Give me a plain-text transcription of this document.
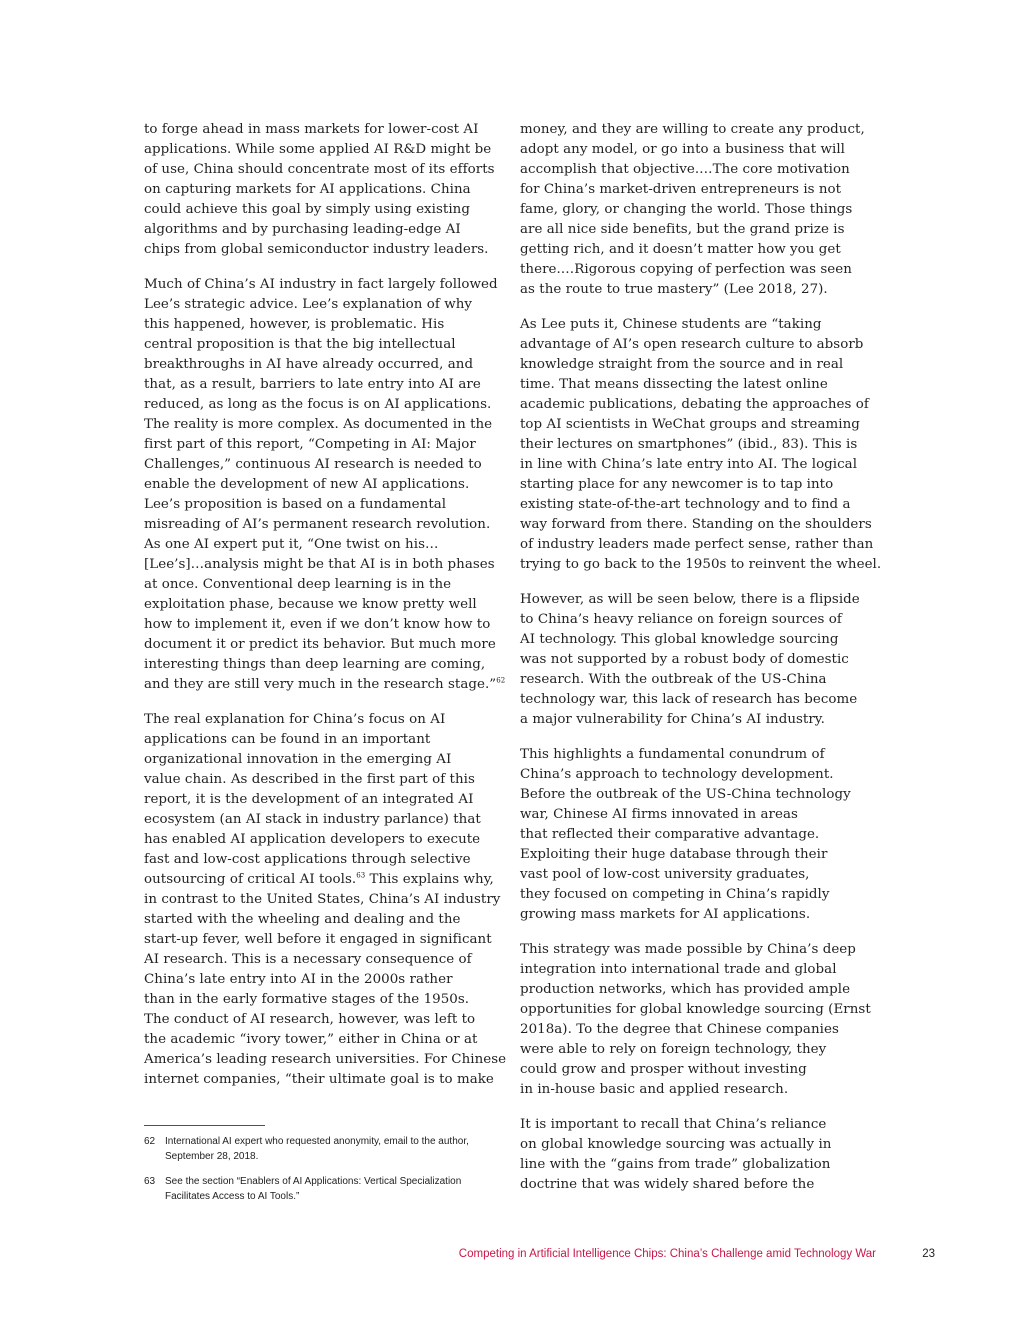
to forge ahead in mass markets for lower-cost AI
applications. While some applied AI R&D might be
of use, China should concentrate most of its efforts
on capturing markets for AI applications. China
could achieve this goal by simply using existing
algorithms and by purchasing leading-edge AI
chips from global semiconductor industry leaders.

Much of China’s AI industry in fact largely followed
Lee’s strategic advice. Lee’s explanation of why
this happened, however, is problematic. His
central proposition is that the big intellectual
breakthroughs in AI have already occurred, and
that, as a result, barriers to late entry into AI are
reduced, as long as the focus is on AI applications.
The reality is more complex. As documented in the
first part of this report, “Competing in AI: Major
Challenges,” continuous AI research is needed to
enable the development of new AI applications.
Lee’s proposition is based on a fundamental
misreading of AI’s permanent research revolution.
As one AI expert put it, “One twist on his…
[Lee’s]…analysis might be that AI is in both phases
at once. Conventional deep learning is in the
exploitation phase, because we know pretty well
how to implement it, even if we don’t know how to
document it or predict its behavior. But much more
interesting things than deep learning are coming,
and they are still very much in the research stage.”$^{62}$

The real explanation for China’s focus on AI
applications can be found in an important
organizational innovation in the emerging AI
value chain. As described in the first part of this
report, it is the development of an integrated AI
ecosystem (an AI stack in industry parlance) that
has enabled AI application developers to execute
fast and low-cost applications through selective
outsourcing of critical AI tools.$^{63}$ This explains why,
in contrast to the United States, China’s AI industry
started with the wheeling and dealing and the
start-up fever, well before it engaged in significant
AI research. This is a necessary consequence of
China’s late entry into AI in the 2000s rather
than in the early formative stages of the 1950s.
The conduct of AI research, however, was left to
the academic “ivory tower,” either in China or at
America’s leading research universities. For Chinese
internet companies, “their ultimate goal is to make

money, and they are willing to create any product,
adopt any model, or go into a business that will
accomplish that objective.…The core motivation
for China’s market-driven entrepreneurs is not
fame, glory, or changing the world. Those things
are all nice side benefits, but the grand prize is
getting rich, and it doesn’t matter how you get
there.…Rigorous copying of perfection was seen
as the route to true mastery” (Lee 2018, 27).

As Lee puts it, Chinese students are “taking
advantage of AI’s open research culture to absorb
knowledge straight from the source and in real
time. That means dissecting the latest online
academic publications, debating the approaches of
top AI scientists in WeChat groups and streaming
their lectures on smartphones” (ibid., 83). This is
in line with China’s late entry into AI. The logical
starting place for any newcomer is to tap into
existing state-of-the-art technology and to find a
way forward from there. Standing on the shoulders
of industry leaders made perfect sense, rather than
trying to go back to the 1950s to reinvent the wheel.

However, as will be seen below, there is a flipside
to China’s heavy reliance on foreign sources of
AI technology. This global knowledge sourcing
was not supported by a robust body of domestic
research. With the outbreak of the US-China
technology war, this lack of research has become
a major vulnerability for China’s AI industry.

This highlights a fundamental conundrum of
China’s approach to technology development.
Before the outbreak of the US-China technology
war, Chinese AI firms innovated in areas
that reflected their comparative advantage.
Exploiting their huge database through their
vast pool of low-cost university graduates,
they focused on competing in China’s rapidly
growing mass markets for AI applications.

This strategy was made possible by China’s deep
integration into international trade and global
production networks, which has provided ample
opportunities for global knowledge sourcing (Ernst
2018a). To the degree that Chinese companies
were able to rely on foreign technology, they
could grow and prosper without investing
in in-house basic and applied research.

It is important to recall that China’s reliance
on global knowledge sourcing was actually in
line with the “gains from trade” globalization
doctrine that was widely shared before the

62 International AI expert who requested anonymity, email to the author,
September 28, 2018.
63 See the section “Enablers of AI Applications: Vertical Specialization
Facilitates Access to AI Tools.”
Competing in Artificial Intelligence Chips: China’s Challenge amid Technology War	23
